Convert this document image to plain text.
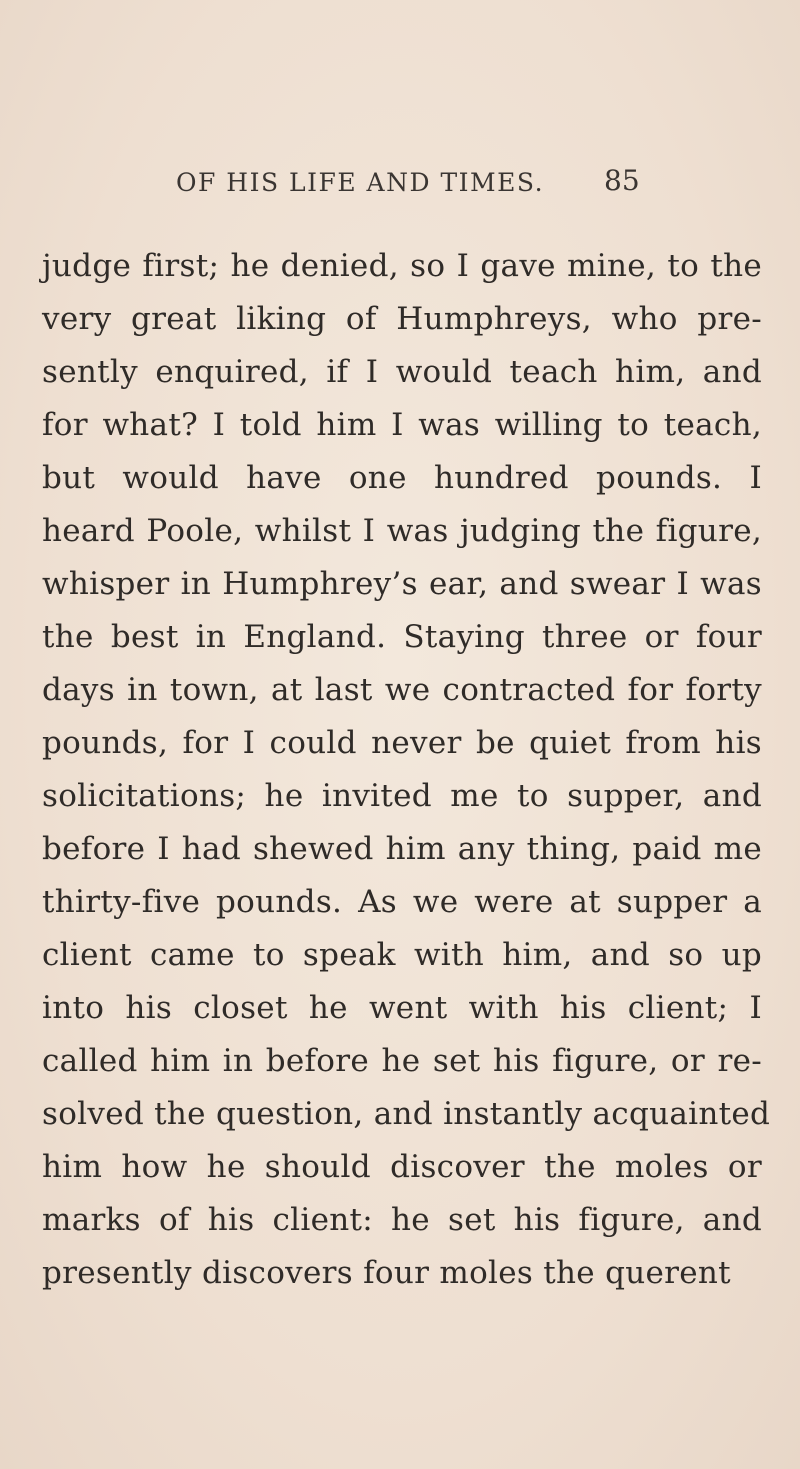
OF HIS LIFE AND TIMES.	85
judge first; he denied, so I gave mine, to the
very great liking of Humphreys, who pre-
sently enquired, if I would teach him, and
for what? I told him I was willing to teach,
but would have one hundred pounds. I
heard Poole, whilst I was judging the figure,
whisper in Humphrey’s ear, and swear I was
the best in England. Staying three or four
days in town, at last we contracted for forty
pounds, for I could never be quiet from his
solicitations; he invited me to supper, and
before I had shewed him any thing, paid me
thirty-five pounds. As we were at supper a
client came to speak with him, and so up
into his closet he went with his client; I
called him in before he set his figure, or re-
solved the question, and instantly acquainted
him how he should discover the moles or
marks of his client: he set his figure, and
presently discovers four moles the querent
